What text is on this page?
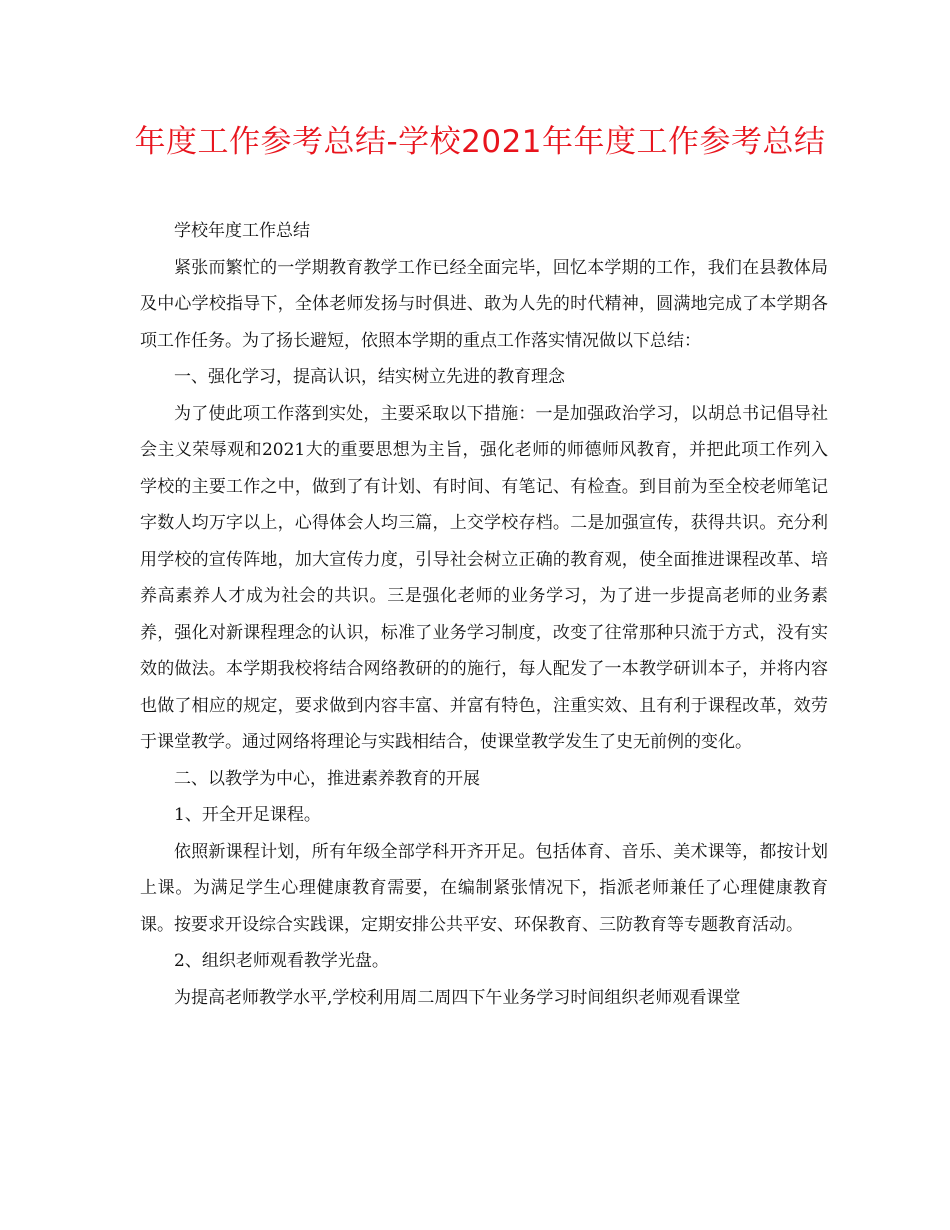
年度工作参考总结-学校2021年年度工作参考总结

学校年度工作总结

紧张而繁忙的一学期教育教学工作已经全面完毕，回忆本学期的工作，我们在县教体局及中心学校指导下，全体老师发扬与时俱进、敢为人先的时代精神，圆满地完成了本学期各项工作任务。为了扬长避短，依照本学期的重点工作落实情况做以下总结：

一、强化学习，提高认识，结实树立先进的教育理念

为了使此项工作落到实处，主要采取以下措施：一是加强政治学习，以胡总书记倡导社会主义荣辱观和2021大的重要思想为主旨，强化老师的师德师风教育，并把此项工作列入学校的主要工作之中，做到了有计划、有时间、有笔记、有检查。到目前为至全校老师笔记字数人均万字以上，心得体会人均三篇，上交学校存档。二是加强宣传，获得共识。充分利用学校的宣传阵地，加大宣传力度，引导社会树立正确的教育观，使全面推进课程改革、培养高素养人才成为社会的共识。三是强化老师的业务学习，为了进一步提高老师的业务素养，强化对新课程理念的认识，标准了业务学习制度，改变了往常那种只流于方式，没有实效的做法。本学期我校将结合网络教研的的施行，每人配发了一本教学研训本子，并将内容也做了相应的规定，要求做到内容丰富、并富有特色，注重实效、且有利于课程改革，效劳于课堂教学。通过网络将理论与实践相结合，使课堂教学发生了史无前例的变化。

二、以教学为中心，推进素养教育的开展

1、开全开足课程。

依照新课程计划，所有年级全部学科开齐开足。包括体育、音乐、美术课等，都按计划上课。为满足学生心理健康教育需要，在编制紧张情况下，指派老师兼任了心理健康教育课。按要求开设综合实践课，定期安排公共平安、环保教育、三防教育等专题教育活动。

2、组织老师观看教学光盘。

为提高老师教学水平,学校利用周二周四下午业务学习时间组织老师观看课堂
